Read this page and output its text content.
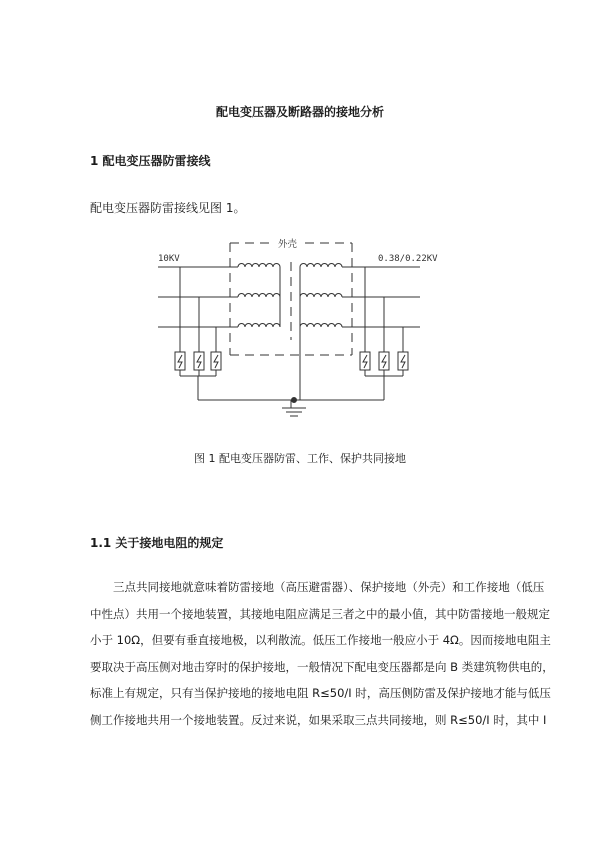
配电变压器及断路器的接地分析
1 配电变压器防雷接线
配电变压器防雷接线见图 1。
10KV	0.38/0.22KV
外壳
图 1 配电变压器防雷、工作、保护共同接地
1.1 关于接地电阻的规定
三点共同接地就意味着防雷接地（高压避雷器）、保护接地（外壳）和工作接地（低压
中性点）共用一个接地装置，其接地电阻应满足三者之中的最小值，其中防雷接地一般规定
小于 10Ω，但要有垂直接地极，以利散流。低压工作接地一般应小于 4Ω。因而接地电阻主
要取决于高压侧对地击穿时的保护接地，一般情况下配电变压器都是向 B 类建筑物供电的，
标准上有规定，只有当保护接地的接地电阻 R≤50/I 时，高压侧防雷及保护接地才能与低压
侧工作接地共用一个接地装置。反过来说，如果采取三点共同接地，则 R≤50/I 时，其中 I
